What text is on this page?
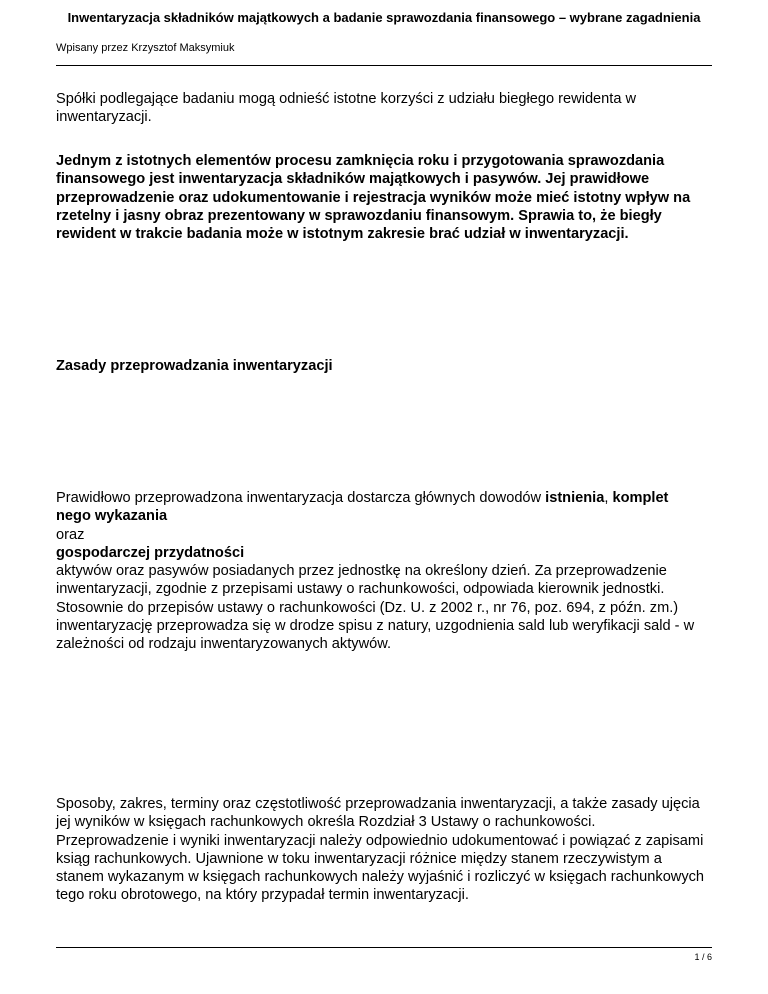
Inwentaryzacja składników majątkowych a badanie sprawozdania finansowego – wybrane zagadnienia
Wpisany przez Krzysztof Maksymiuk
Spółki podlegające badaniu mogą odnieść istotne korzyści z udziału biegłego rewidenta w inwentaryzacji.
Jednym z istotnych elementów procesu zamknięcia roku i przygotowania sprawozdania finansowego jest inwentaryzacja składników majątkowych i pasywów. Jej prawidłowe przeprowadzenie oraz udokumentowanie i rejestracja wyników może mieć istotny wpływ na rzetelny i jasny obraz prezentowany w sprawozdaniu finansowym. Sprawia to, że biegły rewident w trakcie badania może w istotnym zakresie brać udział w inwentaryzacji.
Zasady przeprowadzania inwentaryzacji
Prawidłowo przeprowadzona inwentaryzacja dostarcza głównych dowodów istnienia, komplet
nego wykazania
oraz
gospodarczej przydatności
aktywów oraz pasywów posiadanych przez jednostkę na określony dzień. Za przeprowadzenie inwentaryzacji, zgodnie z przepisami ustawy o rachunkowości, odpowiada kierownik jednostki. Stosownie do przepisów ustawy o rachunkowości (Dz. U. z 2002 r., nr 76, poz. 694, z późn. zm.) inwentaryzację przeprowadza się w drodze spisu z natury, uzgodnienia sald lub weryfikacji sald - w zależności od rodzaju inwentaryzowanych aktywów.
Sposoby, zakres, terminy oraz częstotliwość przeprowadzania inwentaryzacji, a także zasady ujęcia jej wyników w księgach rachunkowych określa Rozdział 3 Ustawy o rachunkowości. Przeprowadzenie i wyniki inwentaryzacji należy odpowiednio udokumentować i powiązać z zapisami ksiąg rachunkowych. Ujawnione w toku inwentaryzacji różnice między stanem rzeczywistym a stanem wykazanym w księgach rachunkowych należy wyjaśnić i rozliczyć w księgach rachunkowych tego roku obrotowego, na który przypadał termin inwentaryzacji.
1 / 6
